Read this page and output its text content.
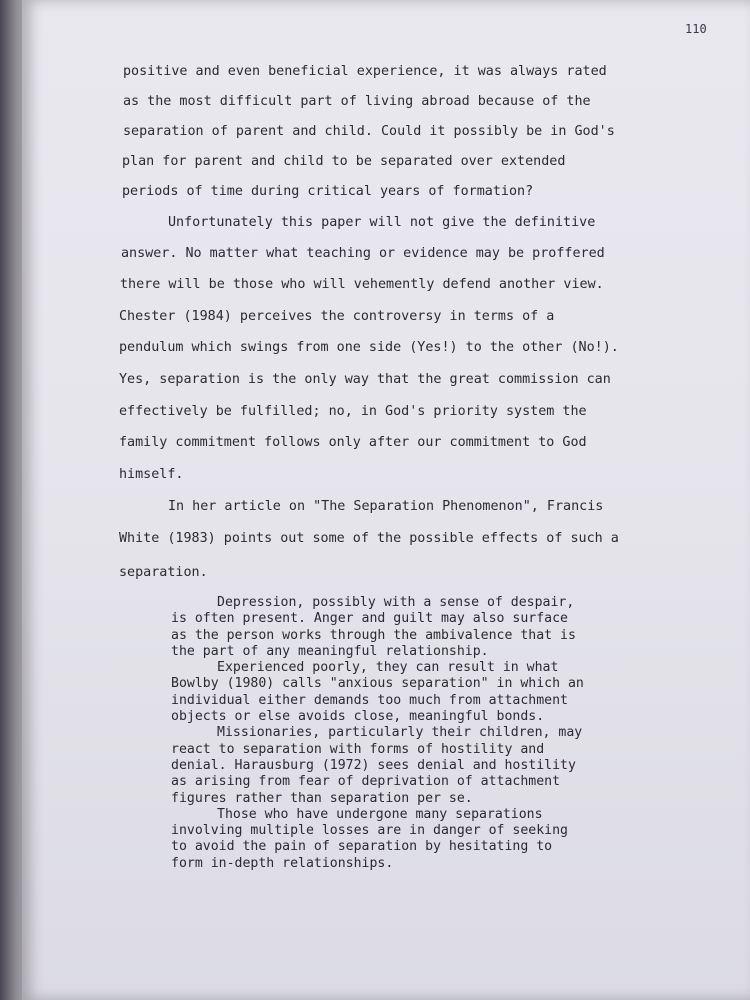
110
positive and even beneficial experience, it was always rated
as the most difficult part of living abroad because of the
separation of parent and child. Could it possibly be in God's
plan for parent and child to be separated over extended
periods of time during critical years of formation?
Unfortunately this paper will not give the definitive
answer. No matter what teaching or evidence may be proffered
there will be those who will vehemently defend another view.
Chester (1984) perceives the controversy in terms of a
pendulum which swings from one side (Yes!) to the other (No!).
Yes, separation is the only way that the great commission can
effectively be fulfilled; no, in God's priority system the
family commitment follows only after our commitment to God
himself.
In her article on "The Separation Phenomenon", Francis
White (1983) points out some of the possible effects of such a
separation.
Depression, possibly with a sense of despair,
is often present. Anger and guilt may also surface
as the person works through the ambivalence that is
the part of any meaningful relationship.
Experienced poorly, they can result in what
Bowlby (1980) calls "anxious separation" in which an
individual either demands too much from attachment
objects or else avoids close, meaningful bonds.
Missionaries, particularly their children, may
react to separation with forms of hostility and
denial. Harausburg (1972) sees denial and hostility
as arising from fear of deprivation of attachment
figures rather than separation per se.
Those who have undergone many separations
involving multiple losses are in danger of seeking
to avoid the pain of separation by hesitating to
form in-depth relationships.
